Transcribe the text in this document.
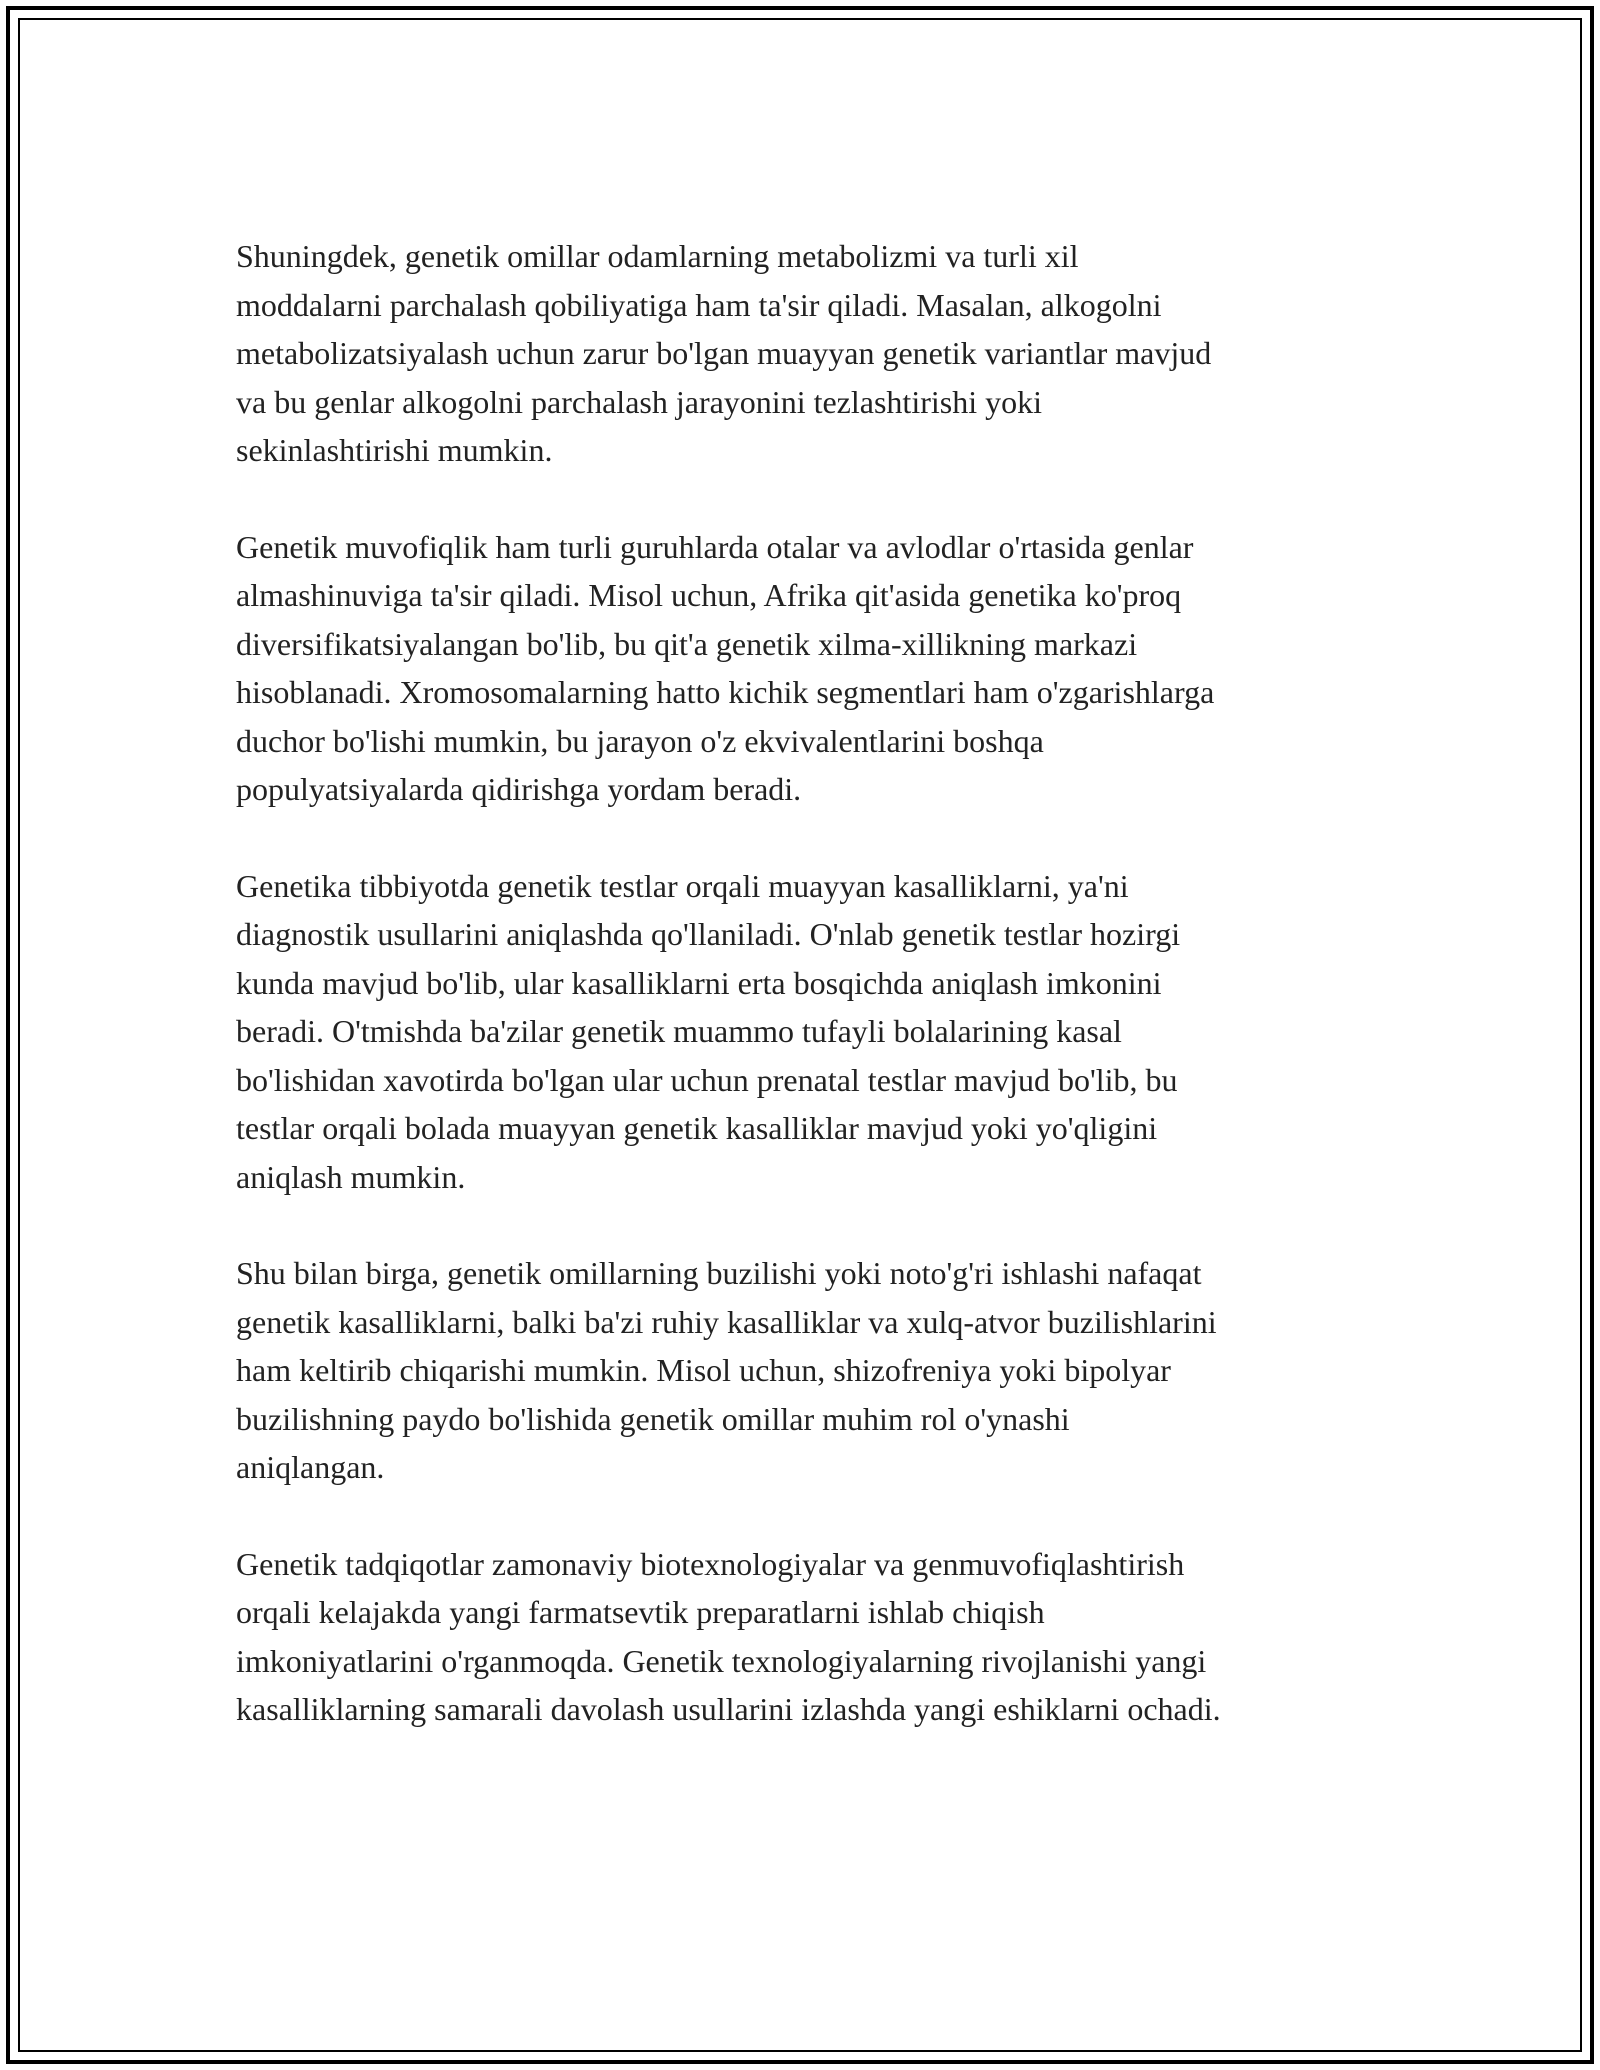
Shuningdek, genetik omillar odamlarning metabolizmi va turli xil
moddalarni parchalash qobiliyatiga ham ta'sir qiladi. Masalan, alkogolni
metabolizatsiyalash uchun zarur bo'lgan muayyan genetik variantlar mavjud
va bu genlar alkogolni parchalash jarayonini tezlashtirishi yoki
sekinlashtirishi mumkin.

Genetik muvofiqlik ham turli guruhlarda otalar va avlodlar o'rtasida genlar
almashinuviga ta'sir qiladi. Misol uchun, Afrika qit'asida genetika ko'proq
diversifikatsiyalangan bo'lib, bu qit'a genetik xilma-xillikning markazi
hisoblanadi. Xromosomalarning hatto kichik segmentlari ham o'zgarishlarga
duchor bo'lishi mumkin, bu jarayon o'z ekvivalentlarini boshqa
populyatsiyalarda qidirishga yordam beradi.

Genetika tibbiyotda genetik testlar orqali muayyan kasalliklarni, ya'ni
diagnostik usullarini aniqlashda qo'llaniladi. O'nlab genetik testlar hozirgi
kunda mavjud bo'lib, ular kasalliklarni erta bosqichda aniqlash imkonini
beradi. O'tmishda ba'zilar genetik muammo tufayli bolalarining kasal
bo'lishidan xavotirda bo'lgan ular uchun prenatal testlar mavjud bo'lib, bu
testlar orqali bolada muayyan genetik kasalliklar mavjud yoki yo'qligini
aniqlash mumkin.

Shu bilan birga, genetik omillarning buzilishi yoki noto'g'ri ishlashi nafaqat
genetik kasalliklarni, balki ba'zi ruhiy kasalliklar va xulq-atvor buzilishlarini
ham keltirib chiqarishi mumkin. Misol uchun, shizofreniya yoki bipolyar
buzilishning paydo bo'lishida genetik omillar muhim rol o'ynashi
aniqlangan.

Genetik tadqiqotlar zamonaviy biotexnologiyalar va genmuvofiqlashtirish
orqali kelajakda yangi farmatsevtik preparatlarni ishlab chiqish
imkoniyatlarini o'rganmoqda. Genetik texnologiyalarning rivojlanishi yangi
kasalliklarning samarali davolash usullarini izlashda yangi eshiklarni ochadi.
